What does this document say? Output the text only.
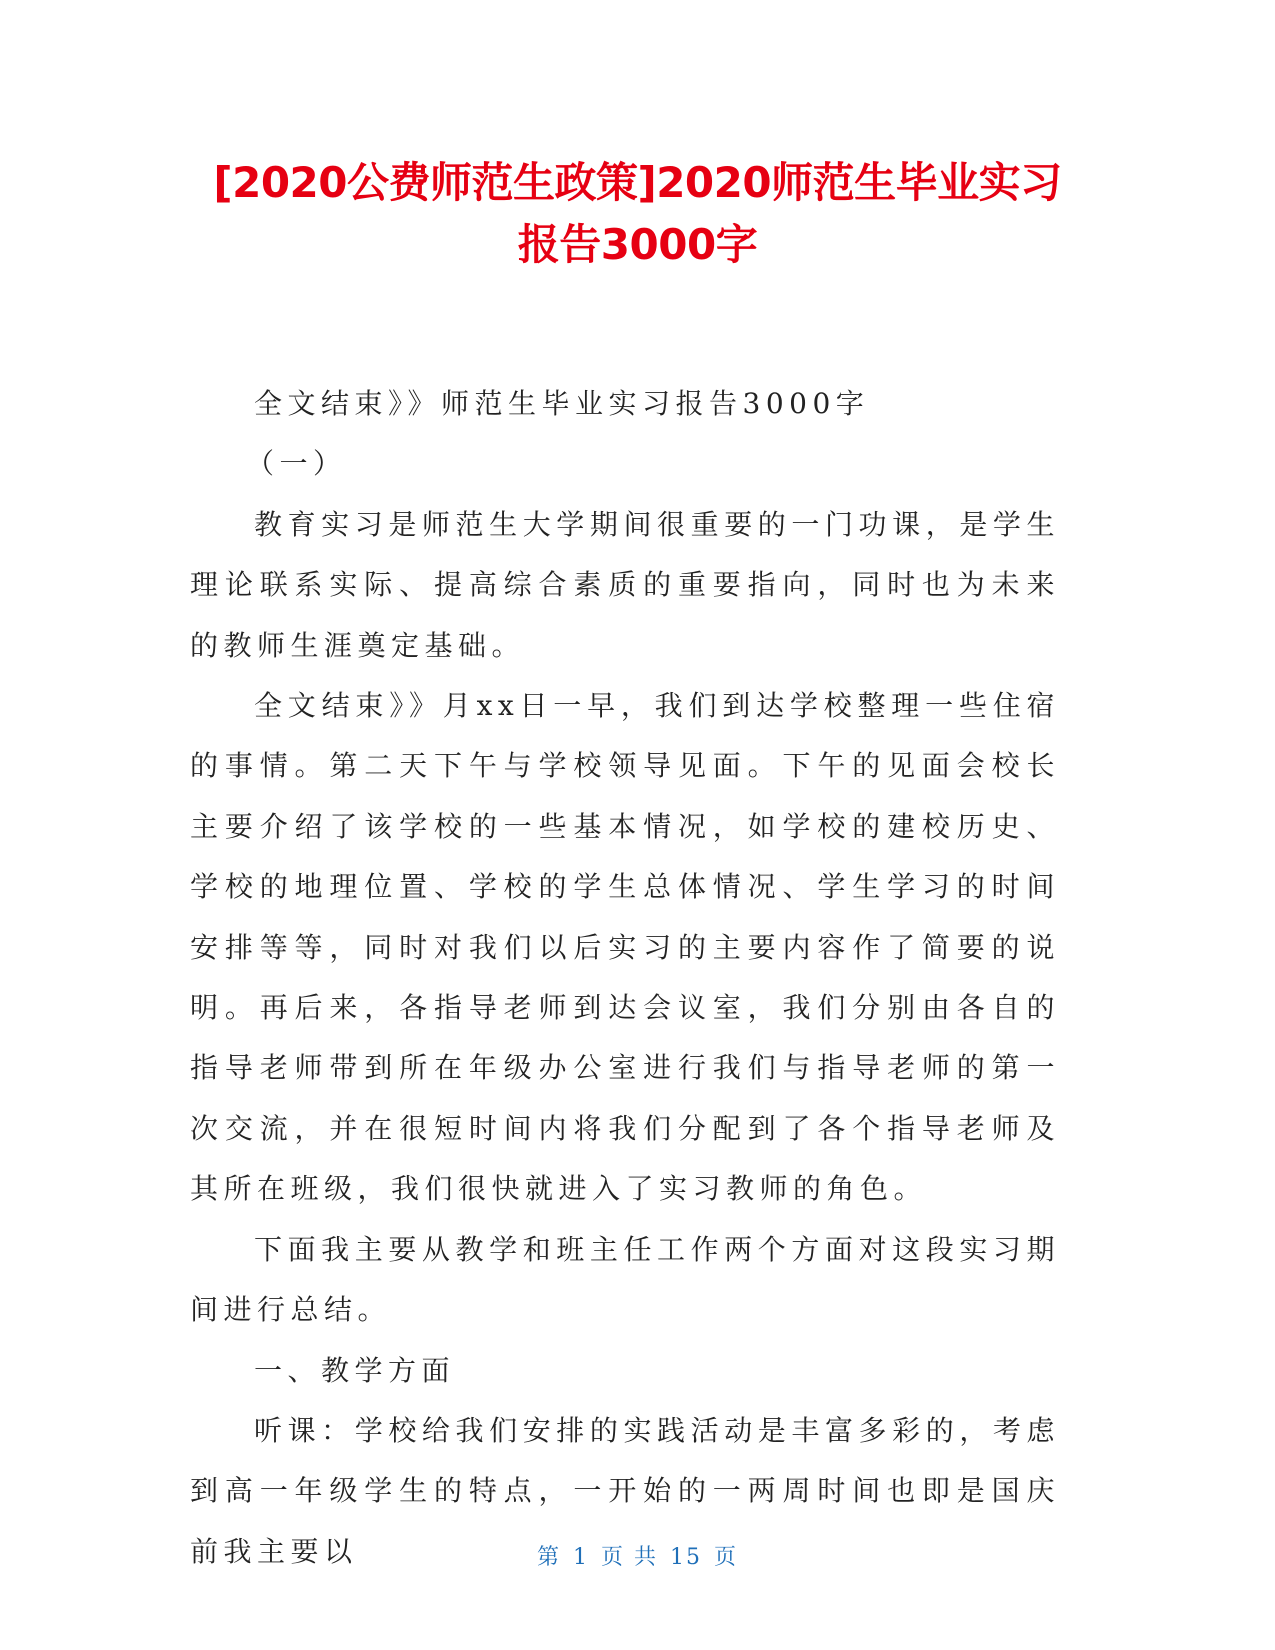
[2020公费师范生政策]2020师范生毕业实习
报告3000字

全文结束》》师范生毕业实习报告3000字

（一）

教育实习是师范生大学期间很重要的一门功课，是学生理论联系实际、提高综合素质的重要指向，同时也为未来的教师生涯奠定基础。

全文结束》》月xx日一早，我们到达学校整理一些住宿的事情。第二天下午与学校领导见面。下午的见面会校长主要介绍了该学校的一些基本情况，如学校的建校历史、学校的地理位置、学校的学生总体情况、学生学习的时间安排等等，同时对我们以后实习的主要内容作了简要的说明。再后来，各指导老师到达会议室，我们分别由各自的指导老师带到所在年级办公室进行我们与指导老师的第一次交流，并在很短时间内将我们分配到了各个指导老师及其所在班级，我们很快就进入了实习教师的角色。

下面我主要从教学和班主任工作两个方面对这段实习期间进行总结。

一、教学方面

听课：学校给我们安排的实践活动是丰富多彩的，考虑到高一年级学生的特点，一开始的一两周时间也即是国庆前我主要以	第 1 页 共 15 页
